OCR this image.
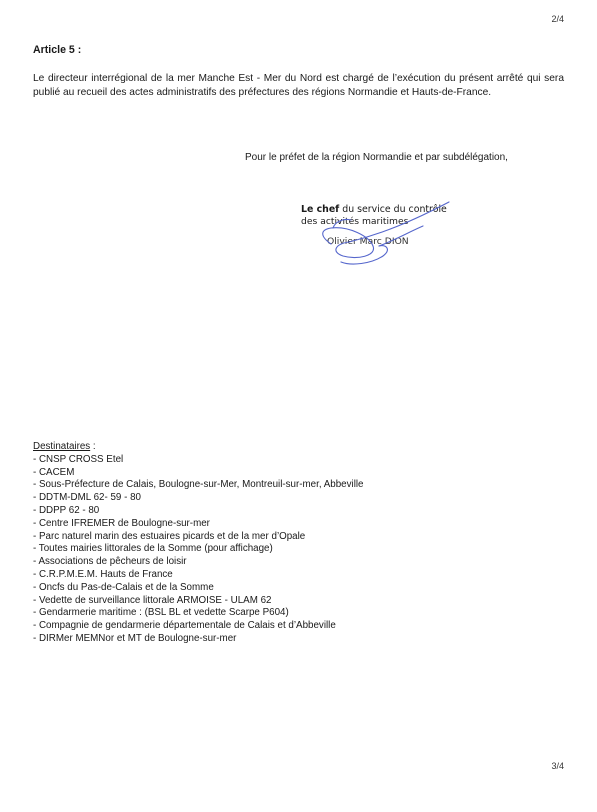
2/4
Article 5 :

Le directeur interrégional de la mer Manche Est - Mer du Nord est chargé de l’exécution du présent arrêté qui sera publié au recueil des actes administratifs des préfectures des régions Normandie et Hauts-de-France.

Pour le préfet de la région Normandie et par subdélégation,
Le chef du service du contrôle
des activités maritimes
Olivier Marc DION
Destinataires :
- CNSP CROSS Etel
- CACEM
- Sous-Préfecture de Calais, Boulogne-sur-Mer, Montreuil-sur-mer, Abbeville
- DDTM-DML 62- 59 - 80
- DDPP 62 - 80
- Centre IFREMER de Boulogne-sur-mer
- Parc naturel marin des estuaires picards et de la mer d’Opale
- Toutes mairies littorales de la Somme (pour affichage)
- Associations de pêcheurs de loisir
- C.R.P.M.E.M. Hauts de France
- Oncfs du Pas-de-Calais et de la Somme
- Vedette de surveillance littorale ARMOISE - ULAM 62
- Gendarmerie maritime : (BSL BL et vedette Scarpe P604)
- Compagnie de gendarmerie départementale de Calais et d’Abbeville
- DIRMer MEMNor et MT de Boulogne-sur-mer
3/4
